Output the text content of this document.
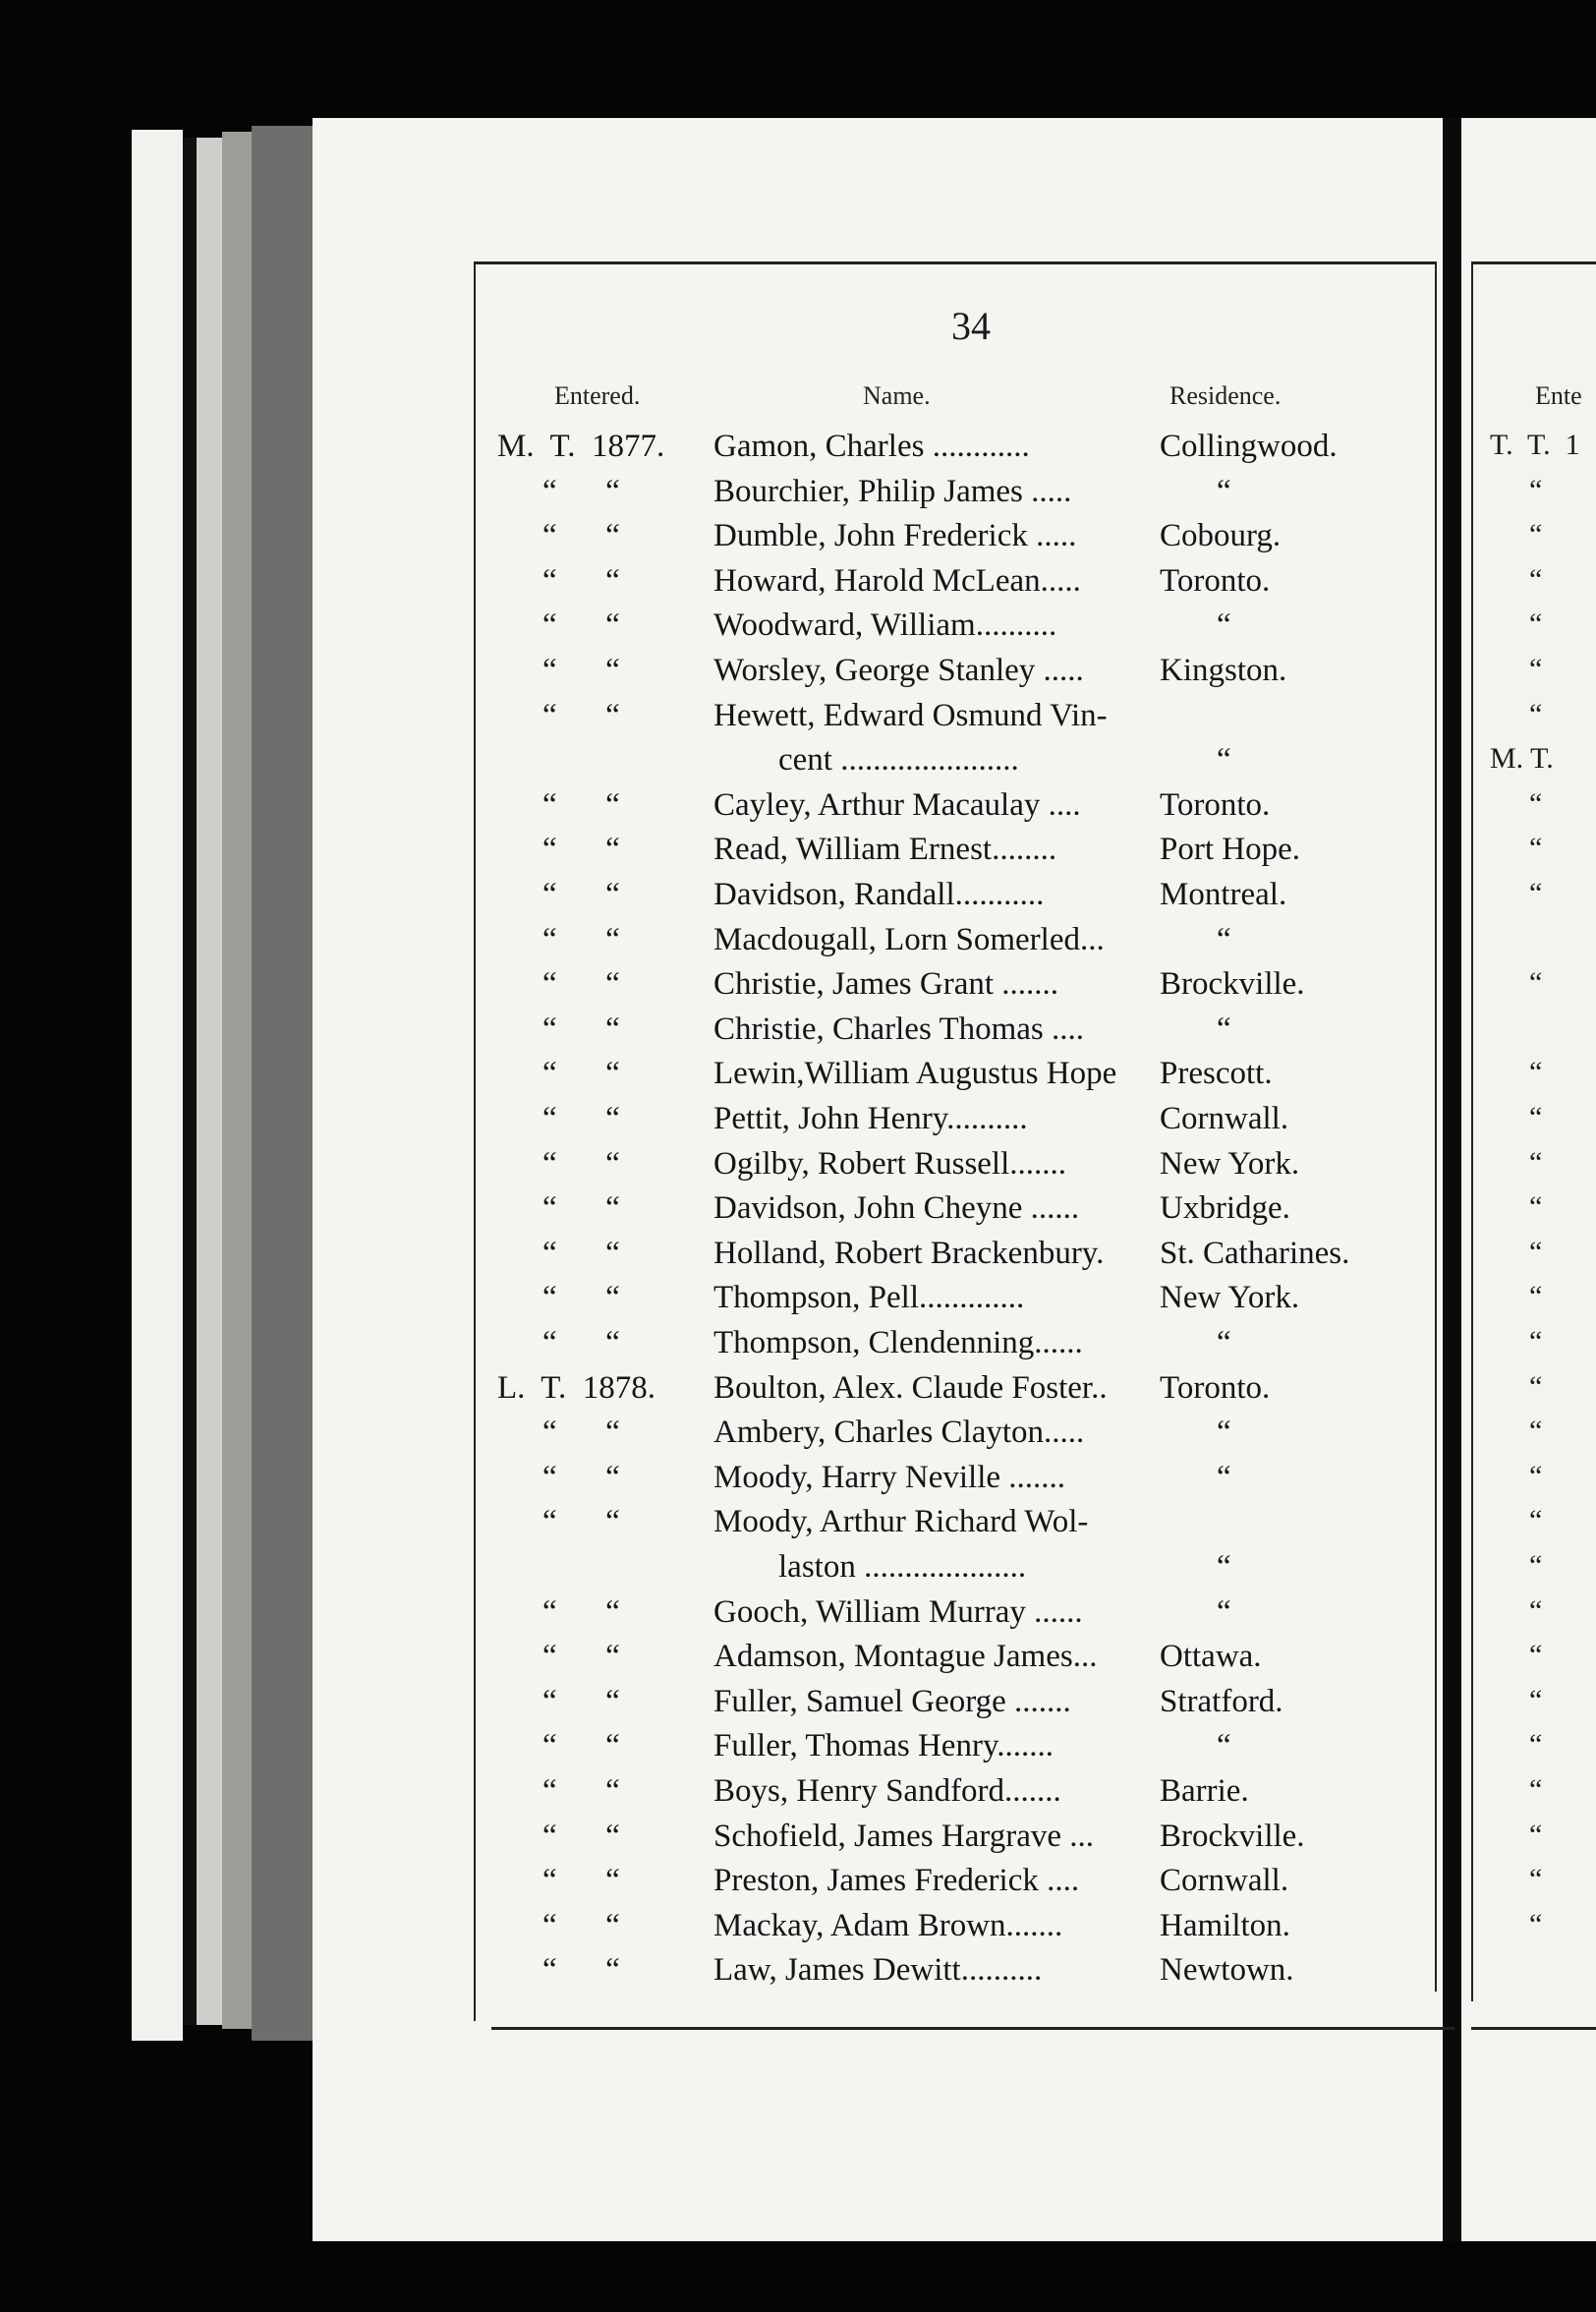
34
Entered.	Name.	Residence.
M.  T.  1877. Gamon, Charles ............	Collingwood.
“      “	Bourchier, Philip James .....	“
“      “	Dumble, John Frederick .....	Cobourg.
“      “	Howard, Harold McLean..... Toronto.
“      “	Woodward, William..........	“
“      “	Worsley, George Stanley ..... Kingston.
“      “	Hewett, Edward Osmund Vin-
cent ......................	“
“      “	Cayley, Arthur Macaulay .... Toronto.
“      “	Read, William Ernest........	Port Hope.
“      “	Davidson, Randall...........	Montreal.
“      “	Macdougall, Lorn Somerled...	“
“      “	Christie, James Grant .......	Brockville.
“      “	Christie, Charles Thomas ....	“
“      “	Lewin,William Augustus Hope Prescott.
“      “	Pettit, John Henry..........	Cornwall.
“      “	Ogilby, Robert Russell.......	New York.
“      “	Davidson, John Cheyne ...... Uxbridge.
“      “	Holland, Robert Brackenbury. St. Catharines.
“      “	Thompson, Pell.............	New York.
“      “	Thompson, Clendenning......	“
L.  T.  1878. Boulton, Alex. Claude Foster.. Toronto.
“      “	Ambery, Charles Clayton.....	“
“      “	Moody, Harry Neville .......	“
“      “	Moody, Arthur Richard Wol-
laston ....................	“
“      “	Gooch, William Murray ......	“
“      “	Adamson, Montague James... Ottawa.
“      “	Fuller, Samuel George .......	Stratford.
“      “	Fuller, Thomas Henry.......	“
“      “	Boys, Henry Sandford.......	Barrie.
“      “	Schofield, James Hargrave ... Brockville.
“      “	Preston, James Frederick .... Cornwall.
“      “	Mackay, Adam Brown.......	Hamilton.
“      “	Law, James Dewitt..........	Newtown.
Ente
T.  T.  1
“
“
“
“
“
“
M. T.
“
“
“
“
“
“
“
“
“
“
“
“
“
“
“
“
“
“
“
“
“
“
“
“
